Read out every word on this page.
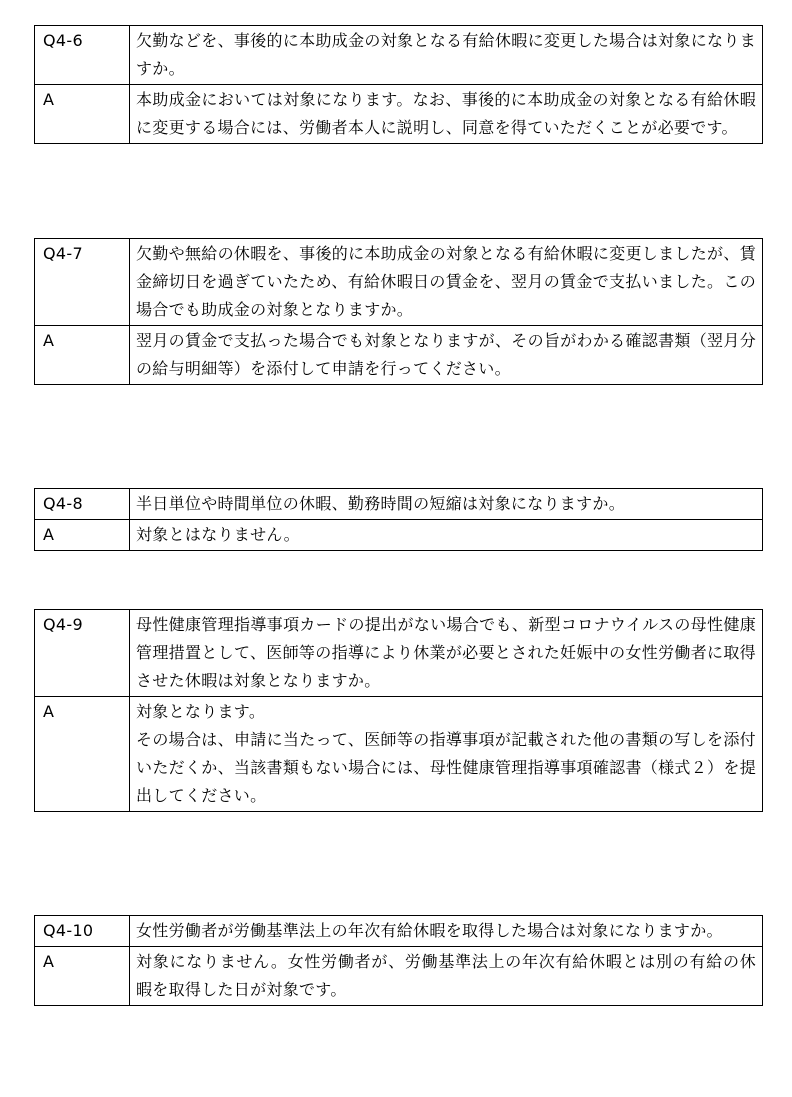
Q4-6	欠勤などを、事後的に本助成金の対象となる有給休暇に変更した場合は対象になりますか。
A	本助成金においては対象になります。なお、事後的に本助成金の対象となる有給休暇に変更する場合には、労働者本人に説明し、同意を得ていただくことが必要です。
Q4-7	欠勤や無給の休暇を、事後的に本助成金の対象となる有給休暇に変更しましたが、賃金締切日を過ぎていたため、有給休暇日の賃金を、翌月の賃金で支払いました。この場合でも助成金の対象となりますか。
A	翌月の賃金で支払った場合でも対象となりますが、その旨がわかる確認書類（翌月分の給与明細等）を添付して申請を行ってください。
Q4-8	半日単位や時間単位の休暇、勤務時間の短縮は対象になりますか。
A	対象とはなりません。
Q4-9	母性健康管理指導事項カードの提出がない場合でも、新型コロナウイルスの母性健康管理措置として、医師等の指導により休業が必要とされた妊娠中の女性労働者に取得させた休暇は対象となりますか。
A	対象となります。
その場合は、申請に当たって、医師等の指導事項が記載された他の書類の写しを添付いただくか、当該書類もない場合には、母性健康管理指導事項確認書（様式２）を提出してください。
Q4-10	女性労働者が労働基準法上の年次有給休暇を取得した場合は対象になりますか。
A	対象になりません。女性労働者が、労働基準法上の年次有給休暇とは別の有給の休暇を取得した日が対象です。
